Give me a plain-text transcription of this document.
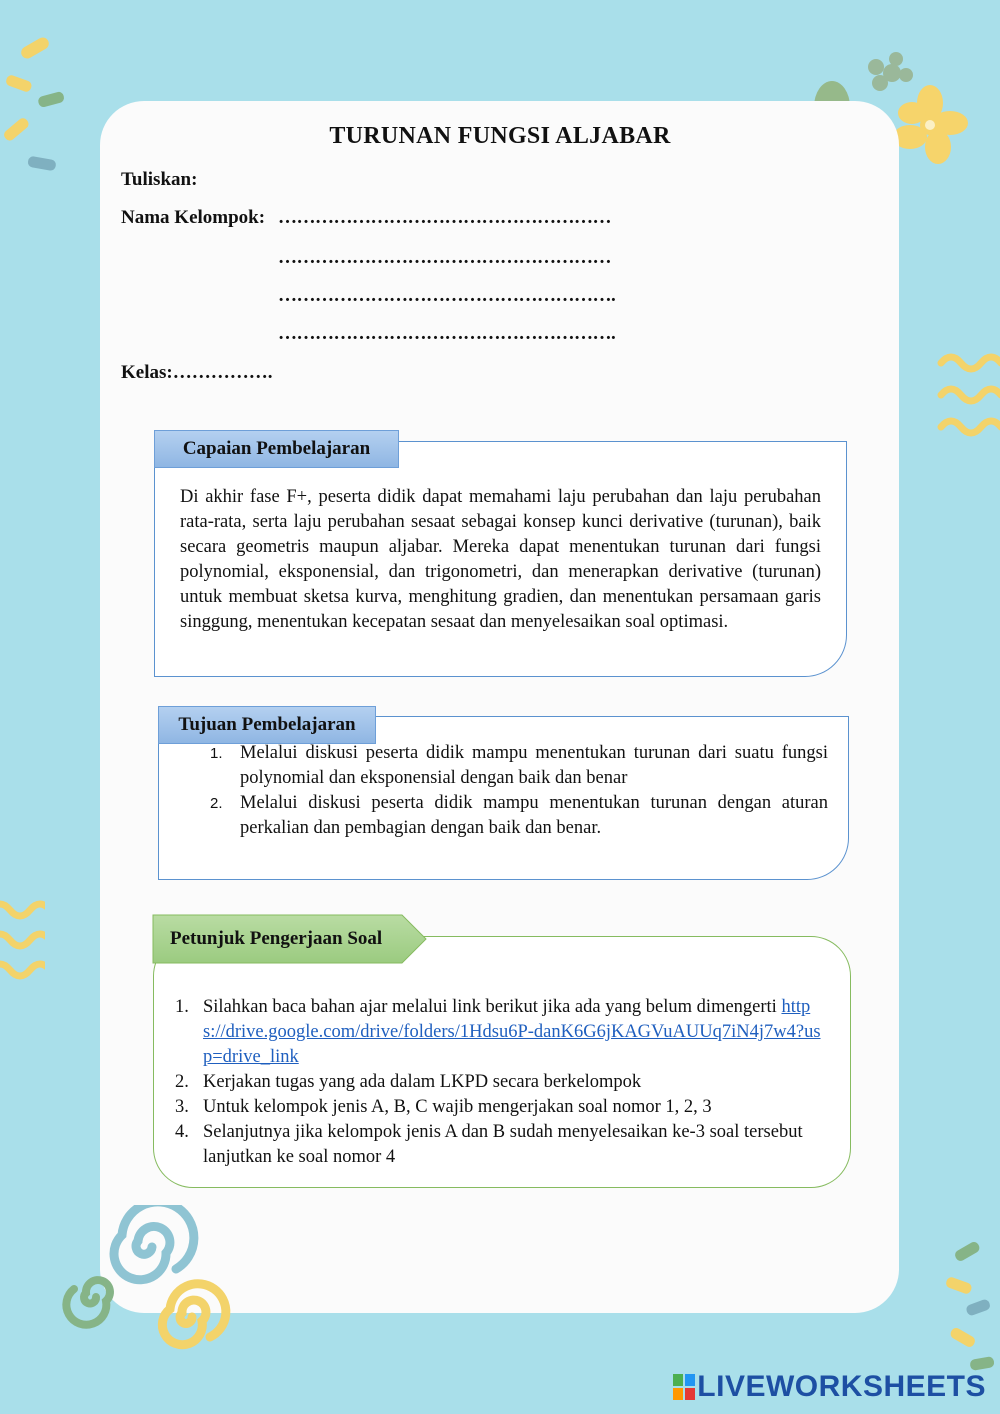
TURUNAN FUNGSI ALJABAR
Tuliskan:
Nama Kelompok: ………………………………………………
………………………………………………
……………………………………………….
……………………………………………….
Kelas:…………….
Capaian Pembelajaran
Di akhir fase F+, peserta didik dapat memahami laju perubahan dan laju perubahan rata-rata, serta laju perubahan sesaat sebagai konsep kunci derivative (turunan), baik secara geometris maupun aljabar. Mereka dapat menentukan turunan dari fungsi polynomial, eksponensial, dan trigonometri, dan menerapkan derivative (turunan) untuk membuat sketsa kurva, menghitung gradien, dan menentukan persamaan garis singgung, menentukan kecepatan sesaat dan menyelesaikan soal optimasi.
Tujuan Pembelajaran
1. Melalui diskusi peserta didik mampu menentukan turunan dari suatu fungsi polynomial dan eksponensial dengan baik dan benar
2. Melalui diskusi peserta didik mampu menentukan turunan dengan aturan perkalian dan pembagian dengan baik dan benar.
Petunjuk Pengerjaan Soal
1. Silahkan baca bahan ajar melalui link berikut jika ada yang belum dimengerti https://drive.google.com/drive/folders/1Hdsu6P-danK6G6jKAGVuAUUq7iN4j7w4?usp=drive_link
2. Kerjakan tugas yang ada dalam LKPD secara berkelompok
3. Untuk kelompok jenis A, B, C wajib mengerjakan soal nomor 1, 2, 3
4. Selanjutnya jika kelompok jenis A dan B sudah menyelesaikan ke-3 soal tersebut lanjutkan ke soal nomor 4
LIVEWORKSHEETS
